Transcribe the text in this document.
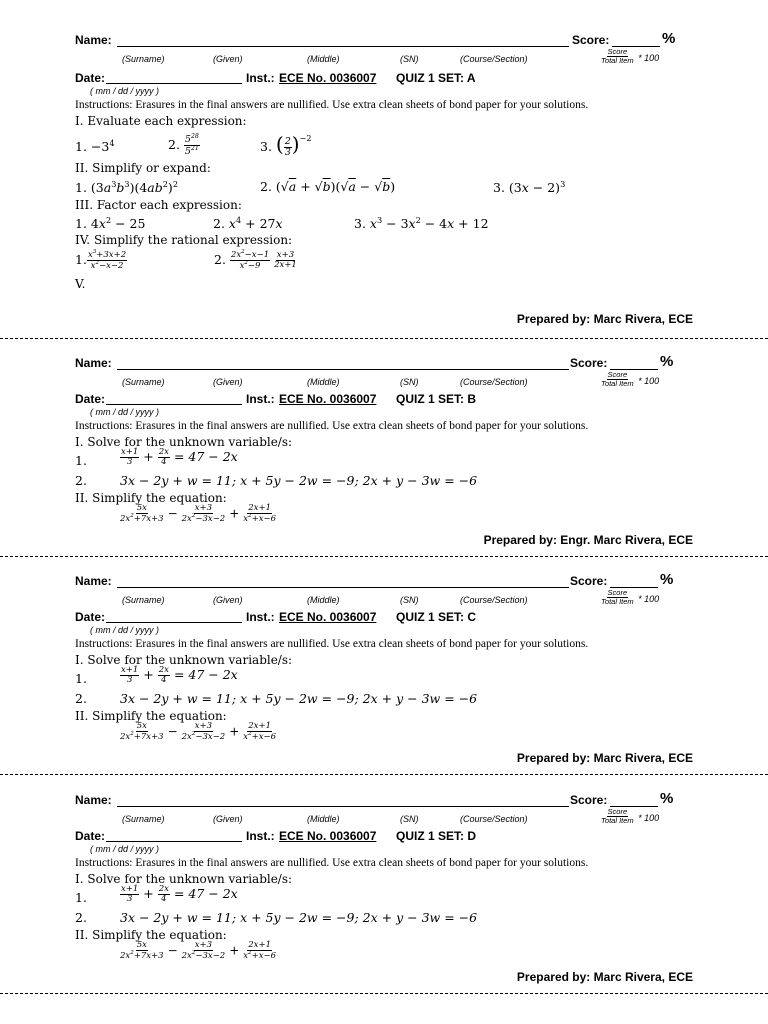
Name:	Score:	%
(Surname)	(Given)	(Middle)	(SN)	(Course/Section)	$\frac{\text{Score}}{\text{Total Item}} * 100$
Date:	Inst.: ECE No. 0036007 QUIZ 1 SET: A
( mm / dd / yyyy )
Instructions: Erasures in the final answers are nullified. Use extra clean sheets of bond paper for your solutions.
I. Evaluate each expression:
1. $-3^4$	2. $\frac{5^{28}}{5^{21}}$	3. ( $\frac{2}{3} )^{-2}$
II. Simplify or expand:
1. $(3a^3b^3)(4ab^2)^2$	2. (√a + √b)(√a − √b)	3. $(3x - 2)^3$
III. Factor each expression:
1. $4x^2 - 25$	2. $x^4 + 27x$	3. $x^3 - 3x^2 - 4x + 12$
IV. Simplify the rational expression:
1. $\frac{x^3+3x+2}{x^2-x-2}$	2. $\frac{2x^2-x-1}{x^2-9}$
$\frac{x+3}{2x+1}$
V.
Prepared by: Marc Rivera, ECE
Name:	Score:	%
(Surname)	(Given)	(Middle)	(SN)	(Course/Section)	$\frac{\text{Score}}{\text{Total Item}} * 100$
Date:	Inst.: ECE No. 0036007 QUIZ 1 SET: B
( mm / dd / yyyy )
Instructions: Erasures in the final answers are nullified. Use extra clean sheets of bond paper for your solutions.
I. Solve for the unknown variable/s:
1.	$\frac{x+1}{3} + \frac{2x}{4} = 47 - 2x$
2.	3x − 2y + w = 11; x + 5y − 2w = −9; 2x + y − 3w = −6
II. Simplify the equation:
$\frac{5x}{2x^2+7x+3} - \frac{x+3}{2x^2-3x-2} + \frac{2x+1}{x^2+x-6}$
Prepared by: Engr. Marc Rivera, ECE
Name:	Score:	%
(Surname)	(Given)	(Middle)	(SN)	(Course/Section)	$\frac{\text{Score}}{\text{Total Item}} * 100$
Date:	Inst.: ECE No. 0036007 QUIZ 1 SET: C
( mm / dd / yyyy )
Instructions: Erasures in the final answers are nullified. Use extra clean sheets of bond paper for your solutions.
I. Solve for the unknown variable/s:
1.	$\frac{x+1}{3} + \frac{2x}{4} = 47 - 2x$
2.	3x − 2y + w = 11; x + 5y − 2w = −9; 2x + y − 3w = −6
II. Simplify the equation:
$\frac{5x}{2x^2+7x+3} - \frac{x+3}{2x^2-3x-2} + \frac{2x+1}{x^2+x-6}$
Prepared by: Marc Rivera, ECE
Name:	Score:	%
(Surname)	(Given)	(Middle)	(SN)	(Course/Section)	$\frac{\text{Score}}{\text{Total Item}} * 100$
Date:	Inst.: ECE No. 0036007 QUIZ 1 SET: D
( mm / dd / yyyy )
Instructions: Erasures in the final answers are nullified. Use extra clean sheets of bond paper for your solutions.
I. Solve for the unknown variable/s:
1.	$\frac{x+1}{3} + \frac{2x}{4} = 47 - 2x$
2.	3x − 2y + w = 11; x + 5y − 2w = −9; 2x + y − 3w = −6
II. Simplify the equation:
$\frac{5x}{2x^2+7x+3} - \frac{x+3}{2x^2-3x-2} + \frac{2x+1}{x^2+x-6}$
Prepared by: Marc Rivera, ECE
